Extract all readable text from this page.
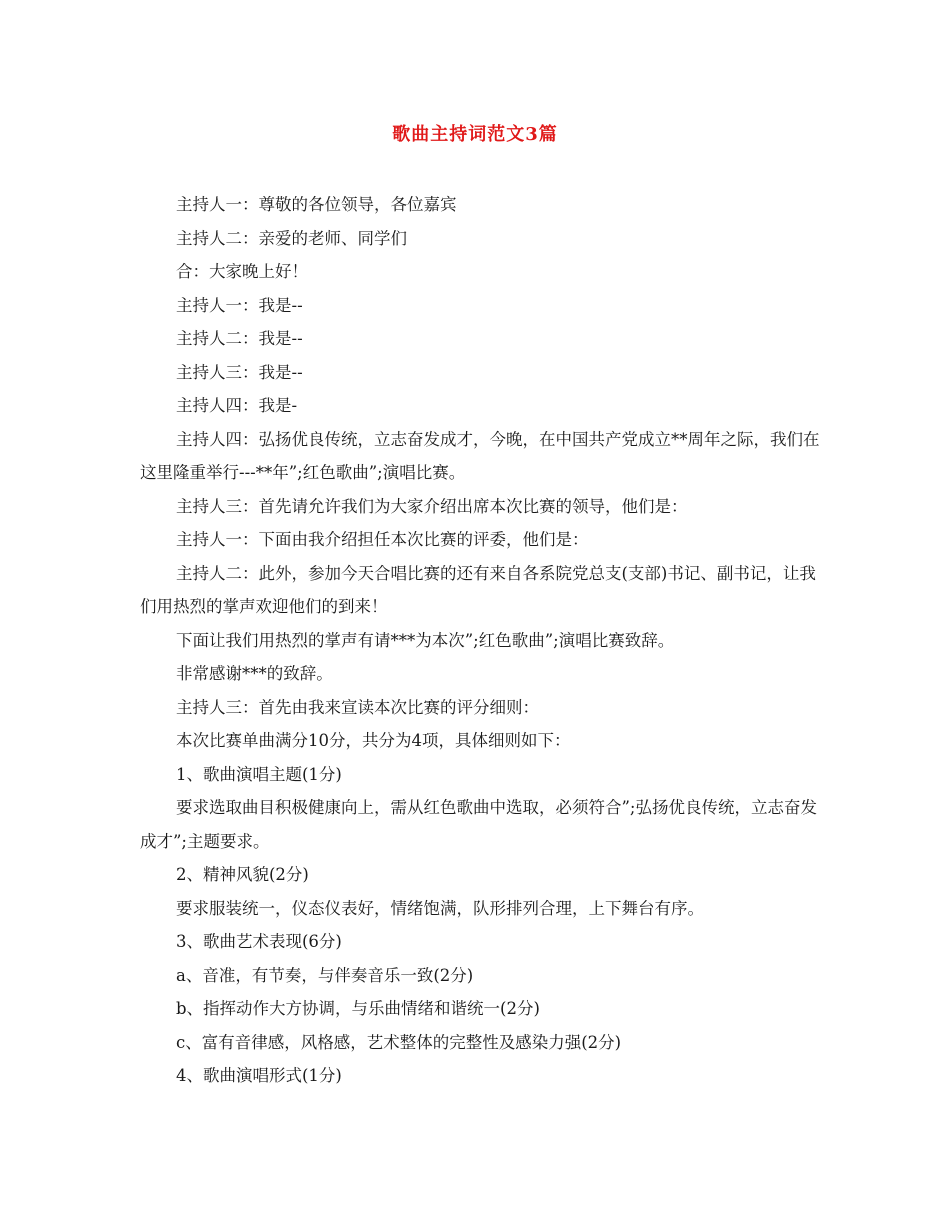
歌曲主持词范文3篇

主持人一：尊敬的各位领导，各位嘉宾

主持人二：亲爱的老师、同学们

合：大家晚上好！

主持人一：我是--

主持人二：我是--

主持人三：我是--

主持人四：我是-

主持人四：弘扬优良传统，立志奋发成才，今晚，在中国共产党成立**周年之际，我们在这里隆重举行---**年”;红色歌曲”;演唱比赛。

主持人三：首先请允许我们为大家介绍出席本次比赛的领导，他们是：

主持人一：下面由我介绍担任本次比赛的评委，他们是：

主持人二：此外，参加今天合唱比赛的还有来自各系院党总支(支部)书记、副书记，让我们用热烈的掌声欢迎他们的到来！

下面让我们用热烈的掌声有请***为本次”;红色歌曲”;演唱比赛致辞。

非常感谢***的致辞。

主持人三：首先由我来宣读本次比赛的评分细则：

本次比赛单曲满分10分，共分为4项，具体细则如下：

1、歌曲演唱主题(1分)

要求选取曲目积极健康向上，需从红色歌曲中选取，必须符合”;弘扬优良传统，立志奋发成才”;主题要求。

2、精神风貌(2分)

要求服装统一，仪态仪表好，情绪饱满，队形排列合理，上下舞台有序。

3、歌曲艺术表现(6分)

a、音准，有节奏，与伴奏音乐一致(2分)

b、指挥动作大方协调，与乐曲情绪和谐统一(2分)

c、富有音律感，风格感，艺术整体的完整性及感染力强(2分)

4、歌曲演唱形式(1分)
